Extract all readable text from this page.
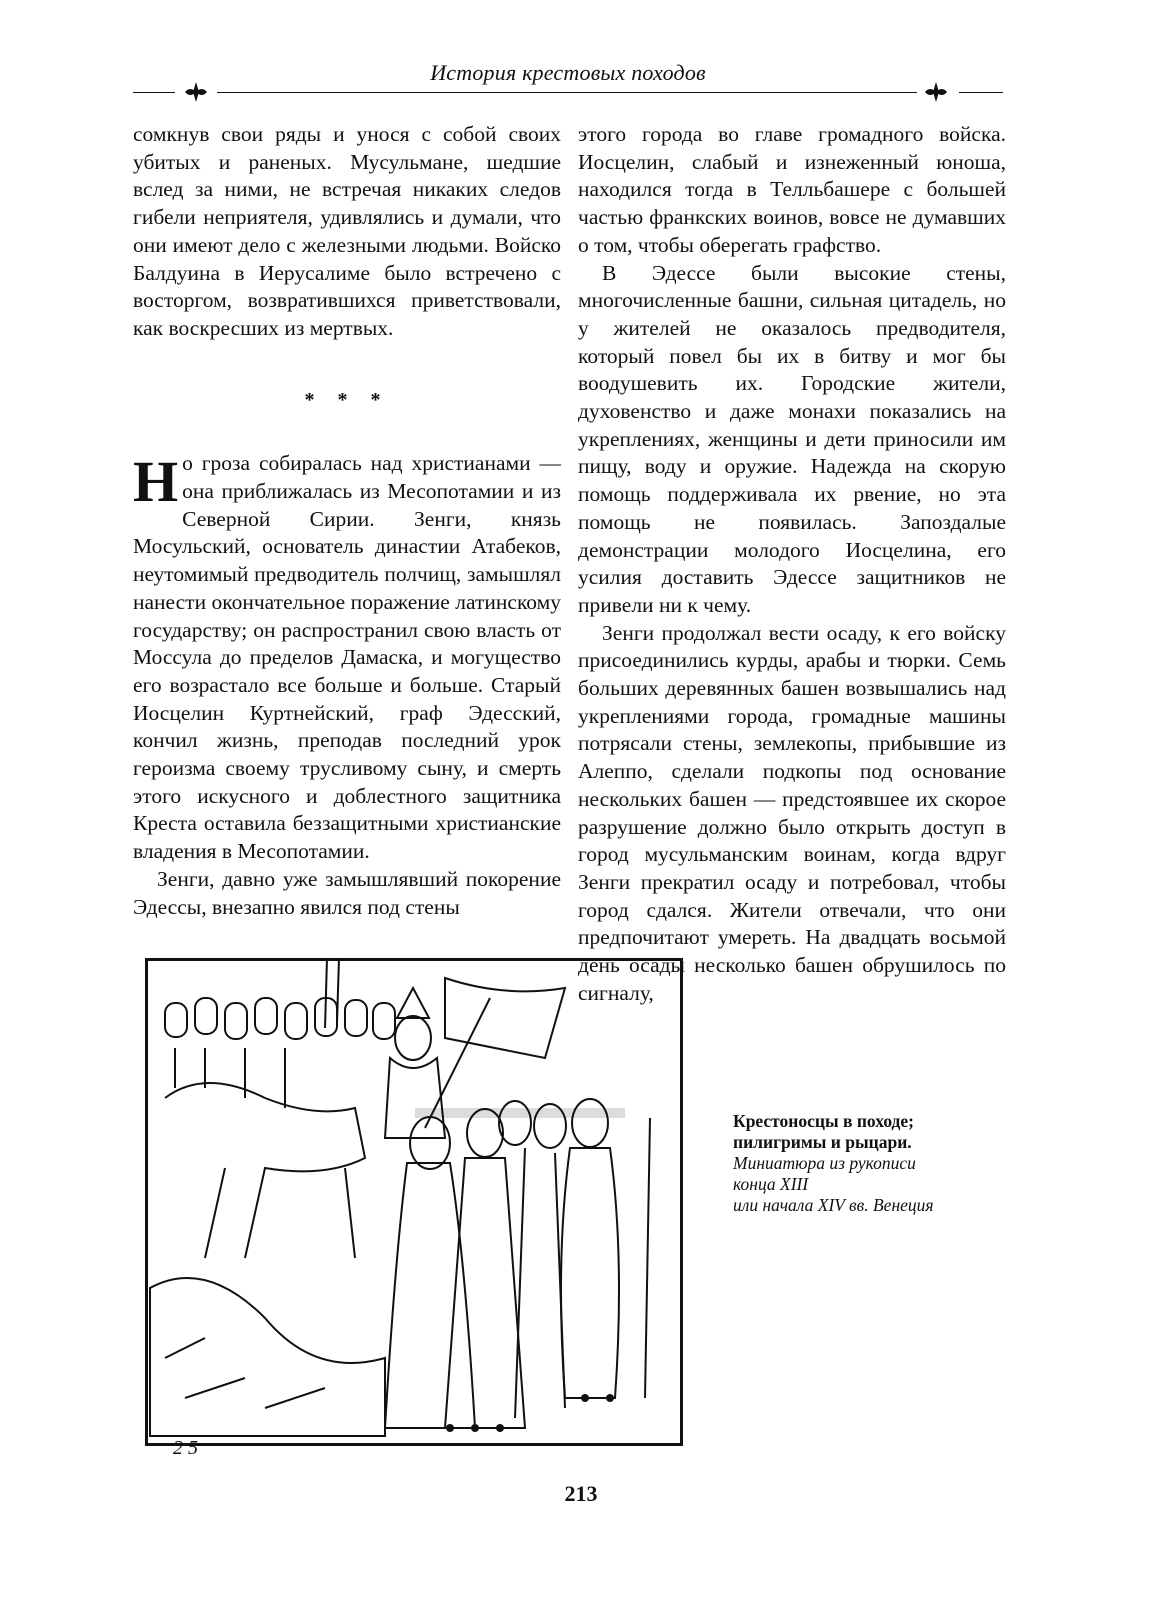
История крестовых походов

сомкнув свои ряды и унося с собой своих убитых и раненых. Мусульмане, шедшие вслед за ними, не встречая никаких следов гибели неприятеля, удивлялись и думали, что они имеют дело с железными людьми. Войско Балдуина в Иерусалиме было встречено с восторгом, возвратившихся приветствовали, как воскресших из мертвых.

* * *

Но гроза собиралась над христианами — она приближалась из Месопотамии и из Северной Сирии. Зенги, князь Мосульский, основатель династии Атабеков, неутомимый предводитель полчищ, замышлял нанести окончательное поражение латинскому государству; он распространил свою власть от Моссула до пределов Дамаска, и могущество его возрастало все больше и больше. Старый Иосцелин Куртнейский, граф Эдесский, кончил жизнь, преподав последний урок героизма своему трусливому сыну, и смерть этого искусного и доблестного защитника Креста оставила беззащитными христианские владения в Месопотамии.

Зенги, давно уже замышлявший покорение Эдессы, внезапно явился под стены

этого города во главе громадного войска. Иосцелин, слабый и изнеженный юноша, находился тогда в Телльбашере с большей частью франкских воинов, вовсе не думавших о том, чтобы оберегать графство.

В Эдессе были высокие стены, многочисленные башни, сильная цитадель, но у жителей не оказалось предводителя, который повел бы их в битву и мог бы воодушевить их. Городские жители, духовенство и даже монахи показались на укреплениях, женщины и дети приносили им пищу, воду и оружие. Надежда на скорую помощь поддерживала их рвение, но эта помощь не появилась. Запоздалые демонстрации молодого Иосцелина, его усилия доставить Эдессе защитников не привели ни к чему.

Зенги продолжал вести осаду, к его войску присоединились курды, арабы и тюрки. Семь больших деревянных башен возвышались над укреплениями города, громадные машины потрясали стены, землекопы, прибывшие из Алеппо, сделали подкопы под основание нескольких башен — предстоявшее их скорое разрушение должно было открыть доступ в город мусульманским воинам, когда вдруг Зенги прекратил осаду и потребовал, чтобы город сдался. Жители отвечали, что они предпочитают умереть. На двадцать восьмой день осады несколько башен обрушилось по сигналу,

2 5
Крестоносцы в походе;
пилигримы и рыцари.
Миниатюра из рукописи
конца XIII
или начала XIV вв. Венеция
213
